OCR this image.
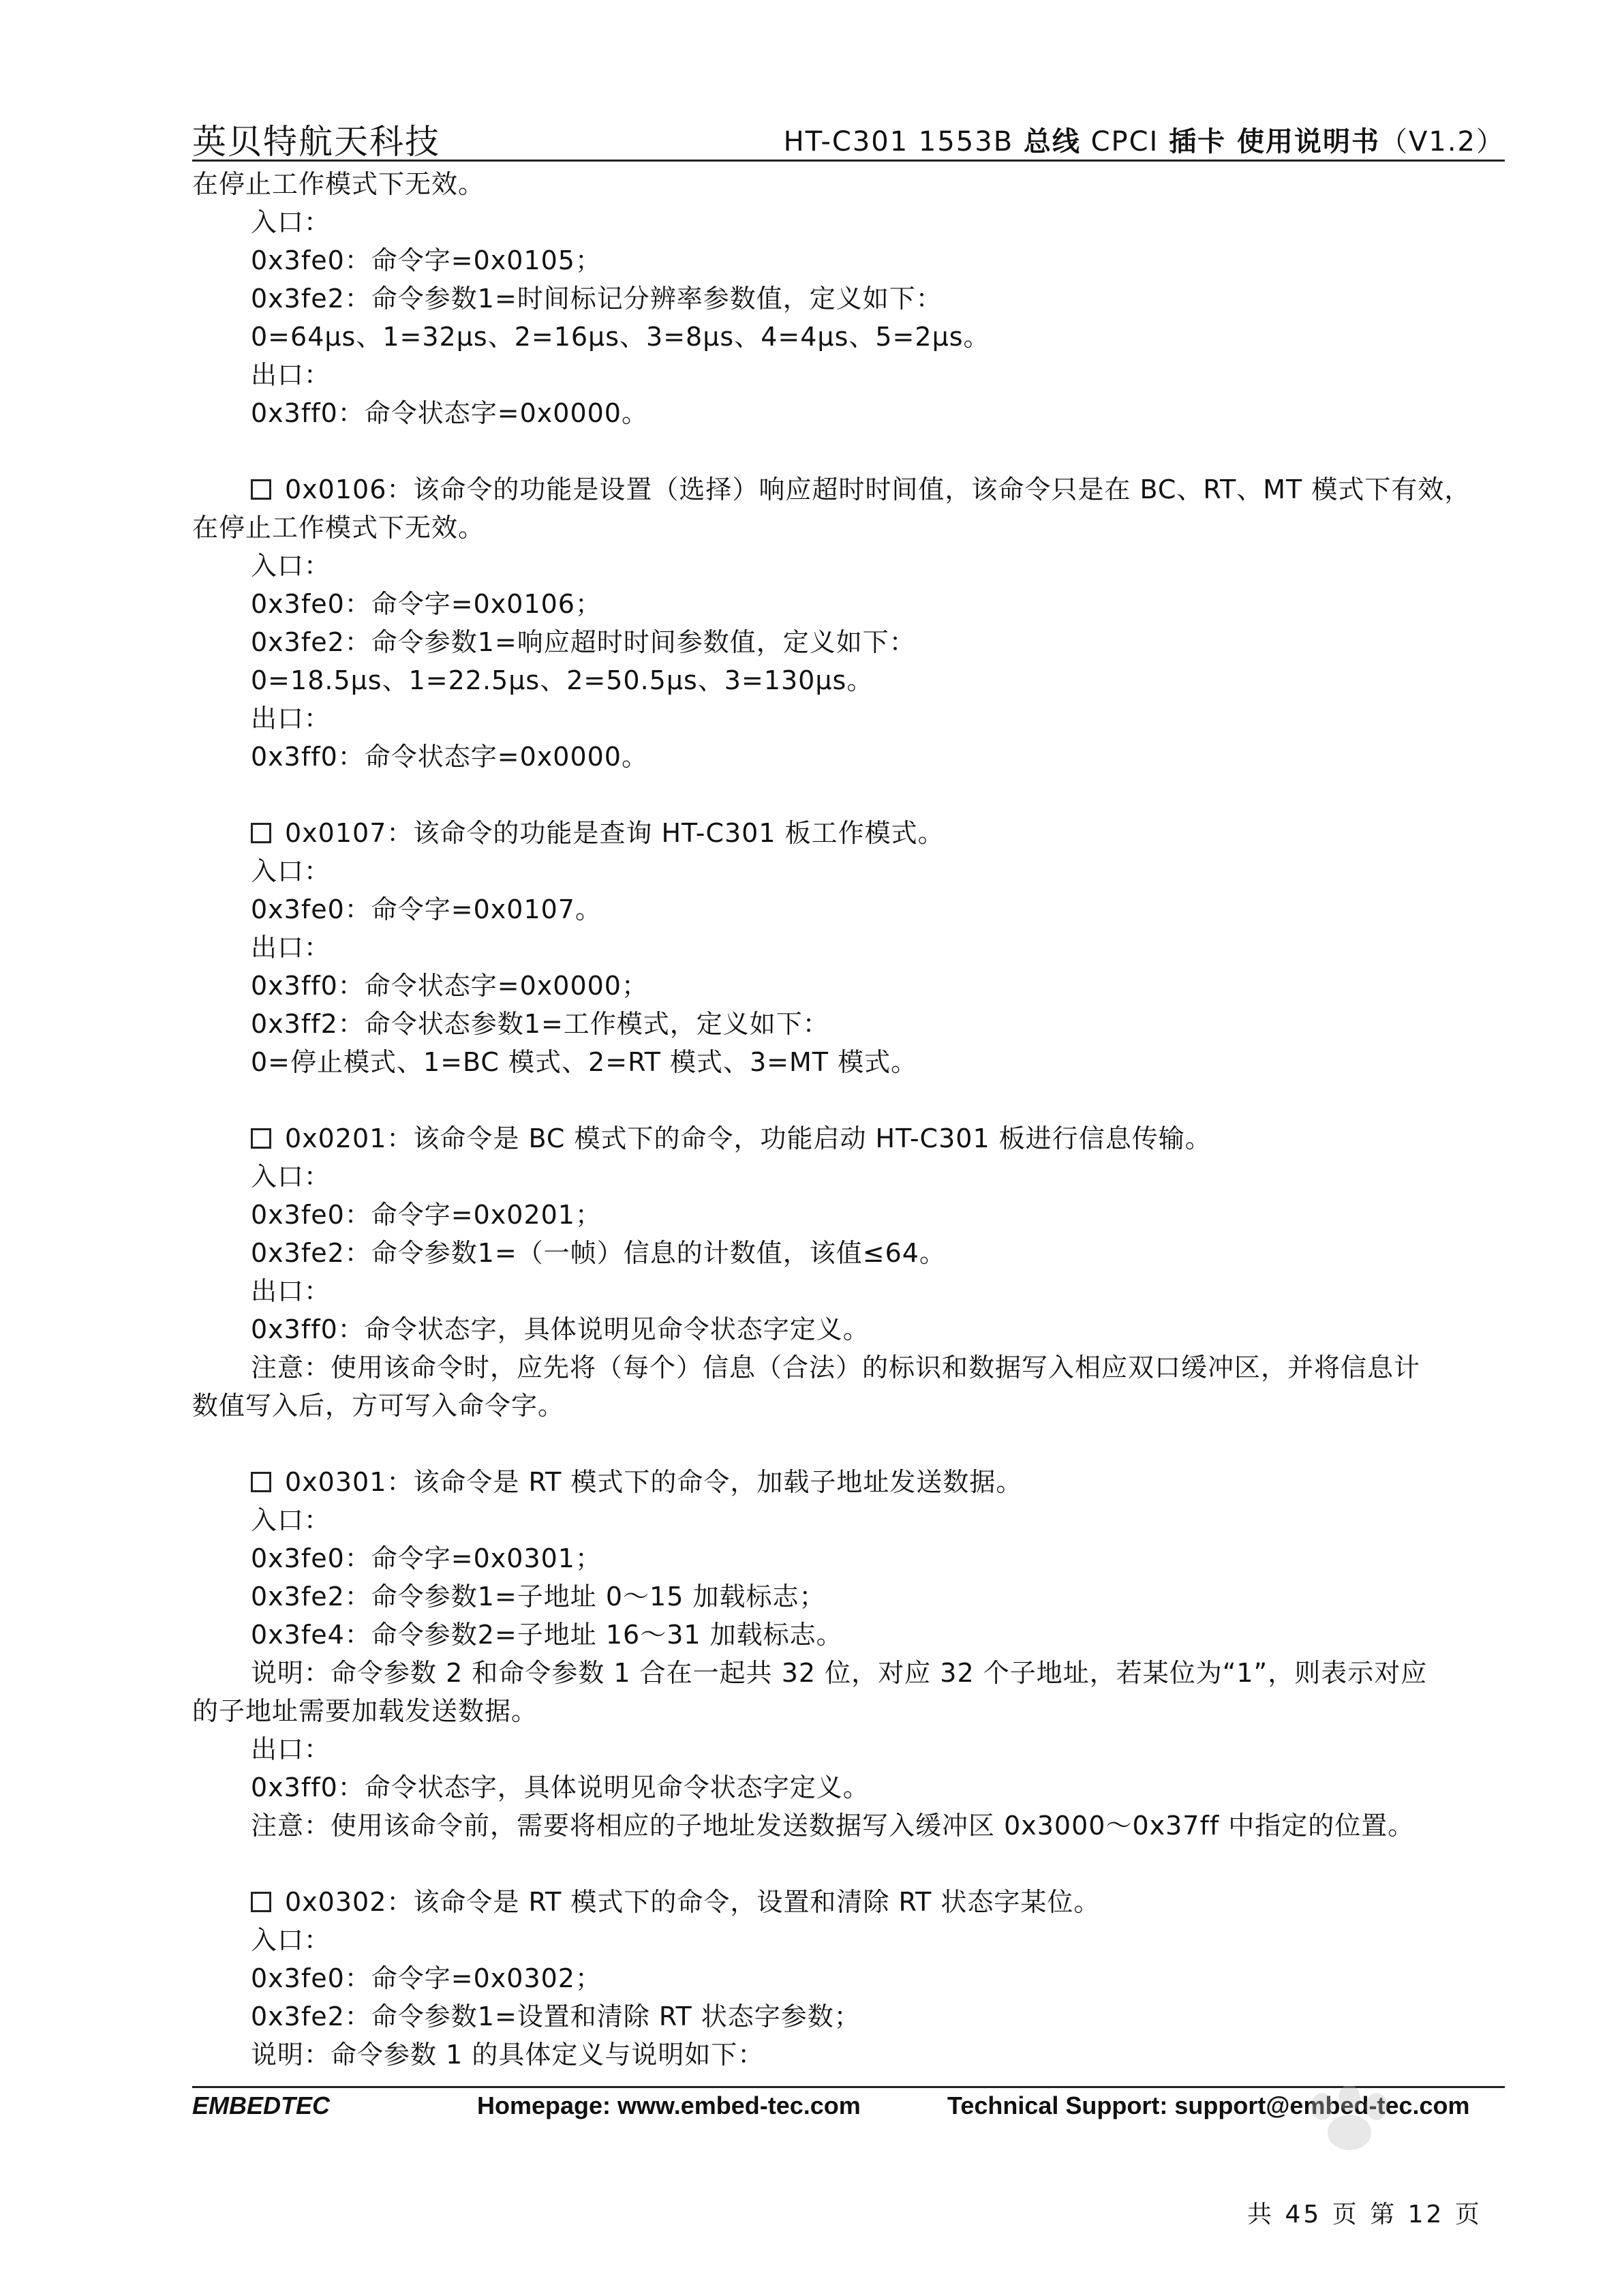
英贝特航天科技	HT-C301 1553B 总线 CPCI 插卡 使用说明书（V1.2）
在停止工作模式下无效。
入口：
0x3fe0：命令字=0x0105；
0x3fe2：命令参数1=时间标记分辨率参数值，定义如下：
0=64μs、1=32μs、2=16μs、3=8μs、4=4μs、5=2μs。
出口：
0x3ff0：命令状态字=0x0000。
0x0106：该命令的功能是设置（选择）响应超时时间值，该命令只是在 BC、RT、MT 模式下有效，
在停止工作模式下无效。
入口：
0x3fe0：命令字=0x0106；
0x3fe2：命令参数1=响应超时时间参数值，定义如下：
0=18.5μs、1=22.5μs、2=50.5μs、3=130μs。
出口：
0x3ff0：命令状态字=0x0000。
0x0107：该命令的功能是查询 HT-C301 板工作模式。
入口：
0x3fe0：命令字=0x0107。
出口：
0x3ff0：命令状态字=0x0000；
0x3ff2：命令状态参数1=工作模式，定义如下：
0=停止模式、1=BC 模式、2=RT 模式、3=MT 模式。
0x0201：该命令是 BC 模式下的命令，功能启动 HT-C301 板进行信息传输。
入口：
0x3fe0：命令字=0x0201；
0x3fe2：命令参数1=（一帧）信息的计数值，该值≤64。
出口：
0x3ff0：命令状态字，具体说明见命令状态字定义。
注意：使用该命令时，应先将（每个）信息（合法）的标识和数据写入相应双口缓冲区，并将信息计
数值写入后，方可写入命令字。
0x0301：该命令是 RT 模式下的命令，加载子地址发送数据。
入口：
0x3fe0：命令字=0x0301；
0x3fe2：命令参数1=子地址 0～15 加载标志；
0x3fe4：命令参数2=子地址 16～31 加载标志。
说明：命令参数 2 和命令参数 1 合在一起共 32 位，对应 32 个子地址，若某位为“1”，则表示对应
的子地址需要加载发送数据。
出口：
0x3ff0：命令状态字，具体说明见命令状态字定义。
注意：使用该命令前，需要将相应的子地址发送数据写入缓冲区 0x3000～0x37ff 中指定的位置。
0x0302：该命令是 RT 模式下的命令，设置和清除 RT 状态字某位。
入口：
0x3fe0：命令字=0x0302；
0x3fe2：命令参数1=设置和清除 RT 状态字参数；
说明：命令参数 1 的具体定义与说明如下：
EMBEDTEC	Homepage: www.embed-tec.com	Technical Support: support@embed-tec.com
共 45 页 第 12 页
